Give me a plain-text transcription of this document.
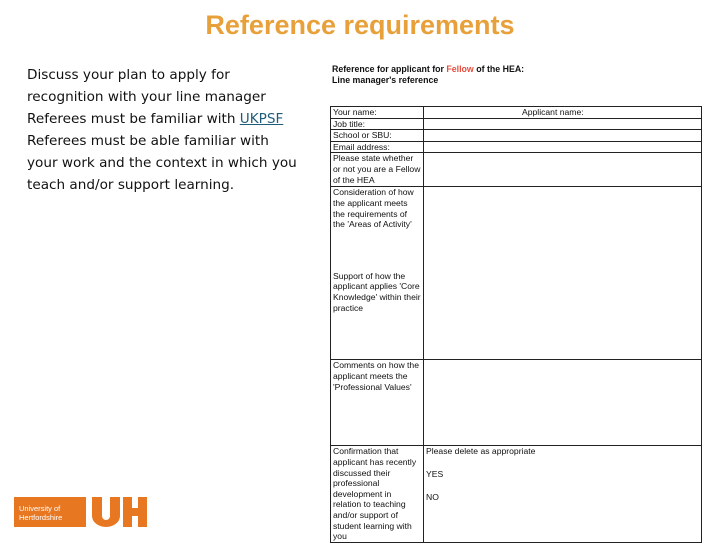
Reference requirements

Discuss your plan to apply for recognition with your line manager

Referees must be familiar with UKPSF

Referees must be able familiar with your work and the context in which you teach and/or support learning.

Reference for applicant for Fellow of the HEA:
Line manager's reference
Your name:		Applicant name:
Job title:		
School or SBU:		
Email address:		
Please state whether or not you are a Fellow of the HEA		
Consideration of how the applicant meets the requirements of the 'Areas of Activity'
Support of how the applicant applies 'Core Knowledge' within their practice		
Comments on how the applicant meets the 'Professional Values'		
Confirmation that applicant has recently discussed their professional development in relation to teaching and/or support of student learning with you	Please delete as appropriate
YES
NO	
University of
Hertfordshire
